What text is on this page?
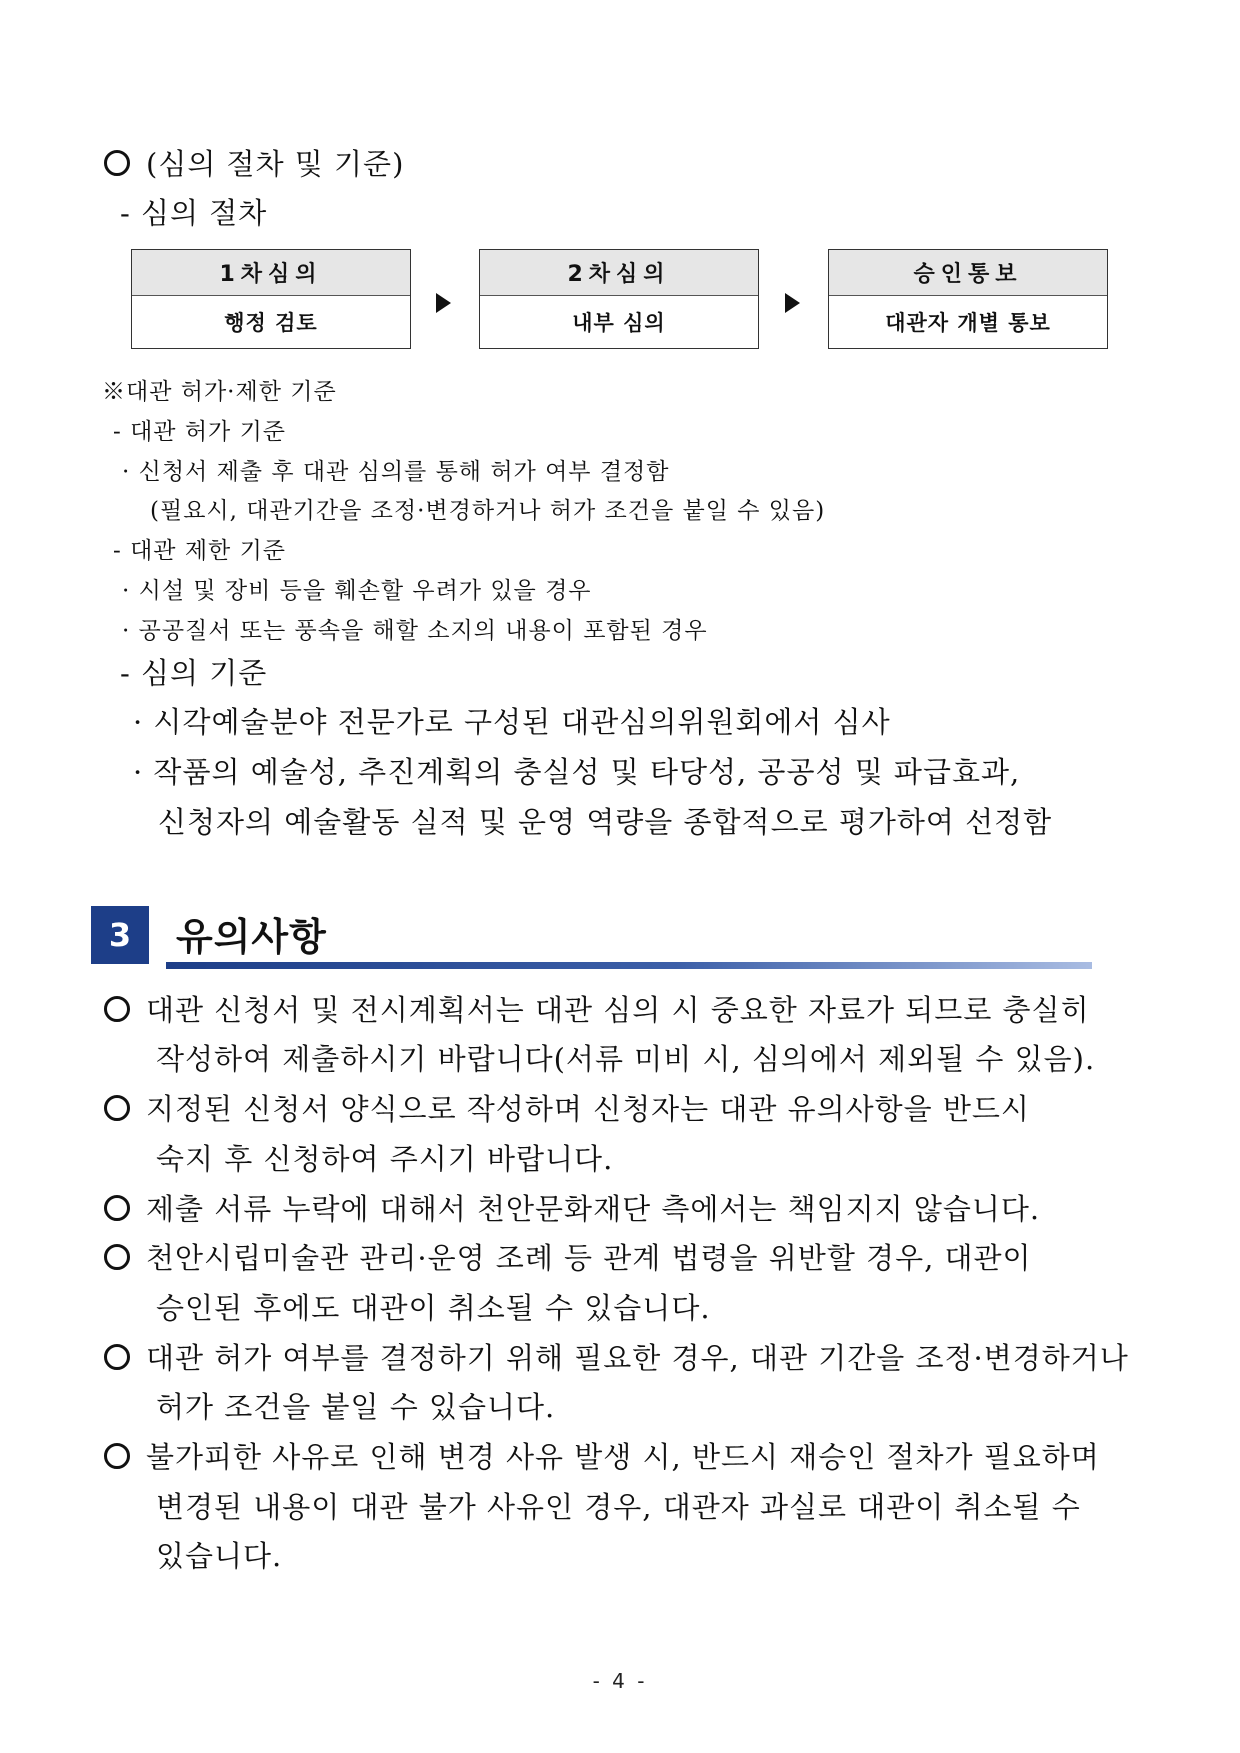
(심의 절차 및 기준)
- 심의 절차
1차심의
행정 검토
2차심의
내부 심의
승인통보
대관자 개별 통보
※대관 허가·제한 기준
- 대관 허가 기준
· 신청서 제출 후 대관 심의를 통해 허가 여부 결정함
(필요시, 대관기간을 조정·변경하거나 허가 조건을 붙일 수 있음)
- 대관 제한 기준
· 시설 및 장비 등을 훼손할 우려가 있을 경우
· 공공질서 또는 풍속을 해할 소지의 내용이 포함된 경우
- 심의 기준
· 시각예술분야 전문가로 구성된 대관심의위원회에서 심사
· 작품의 예술성, 추진계획의 충실성 및 타당성, 공공성 및 파급효과,
신청자의 예술활동 실적 및 운영 역량을 종합적으로 평가하여 선정함
3	유의사항
대관 신청서 및 전시계획서는 대관 심의 시 중요한 자료가 되므로 충실히
작성하여 제출하시기 바랍니다(서류 미비 시, 심의에서 제외될 수 있음).
지정된 신청서 양식으로 작성하며 신청자는 대관 유의사항을 반드시
숙지 후 신청하여 주시기 바랍니다.
제출 서류 누락에 대해서 천안문화재단 측에서는 책임지지 않습니다.
천안시립미술관 관리·운영 조례 등 관계 법령을 위반할 경우, 대관이
승인된 후에도 대관이 취소될 수 있습니다.
대관 허가 여부를 결정하기 위해 필요한 경우, 대관 기간을 조정·변경하거나
허가 조건을 붙일 수 있습니다.
불가피한 사유로 인해 변경 사유 발생 시, 반드시 재승인 절차가 필요하며
변경된 내용이 대관 불가 사유인 경우, 대관자 과실로 대관이 취소될 수
있습니다.
- 4 -
